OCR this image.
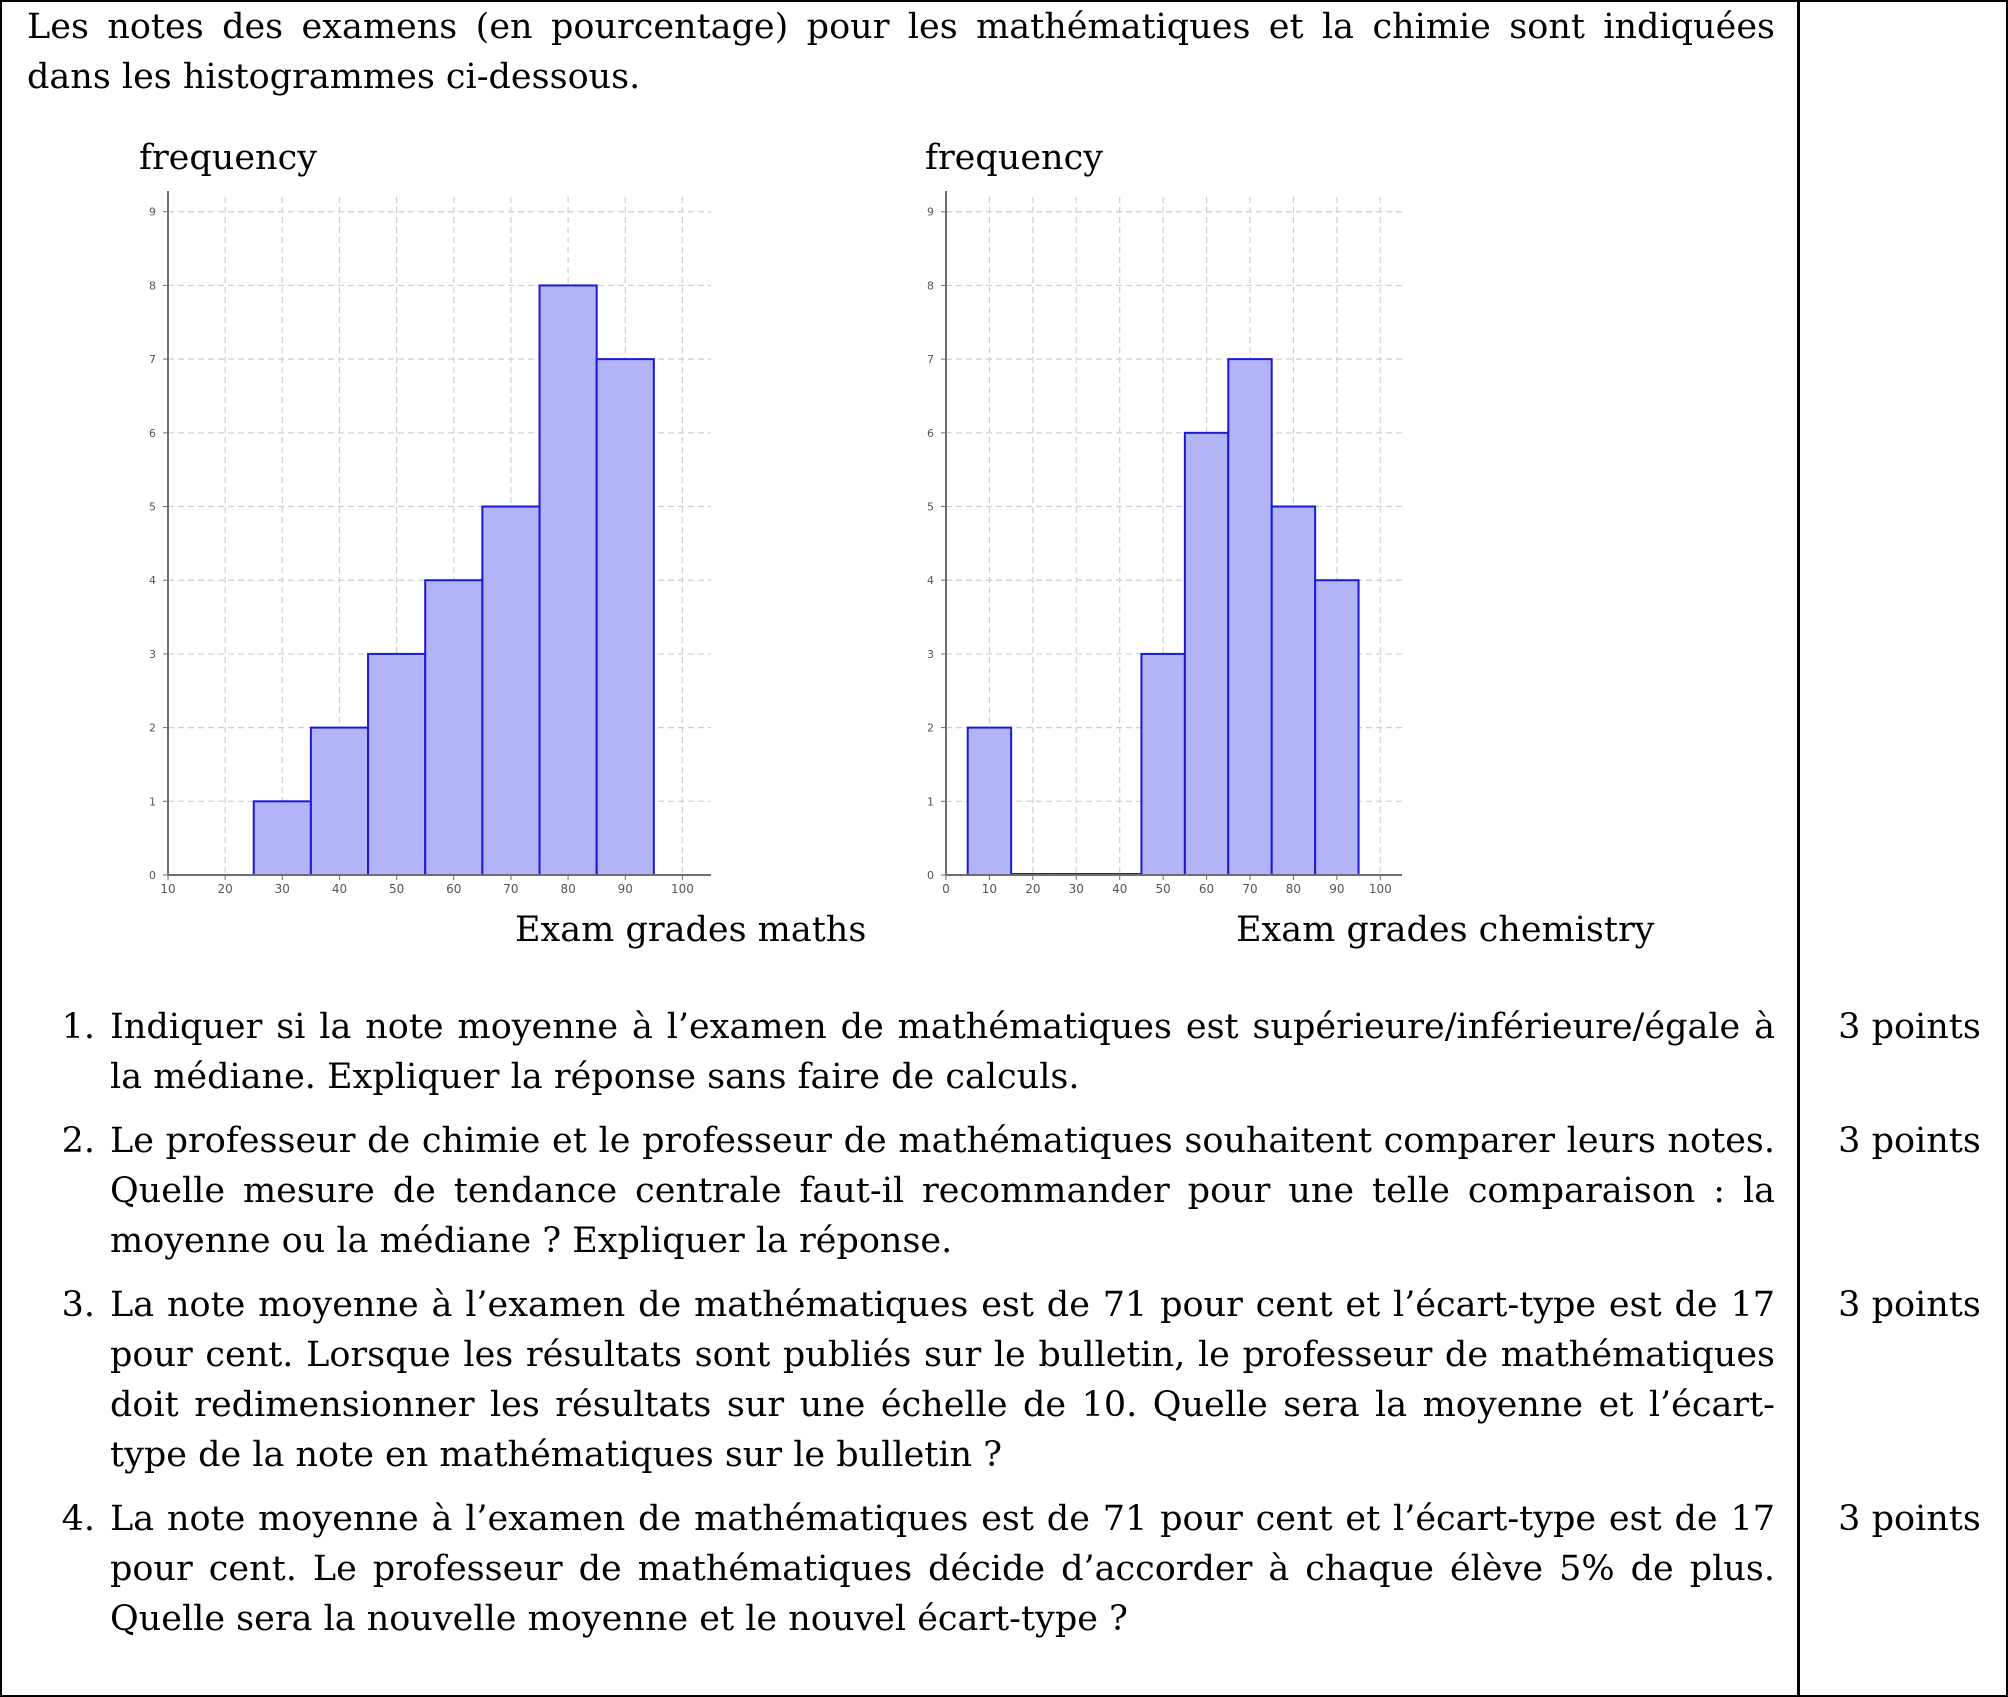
Les notes des examens (en pourcentage) pour les mathématiques et la chimie sont indiquées dans les histogrammes ci-dessous.
frequency
0
1
2
3
4
5
6
7
8
9
10	20	30	40	50	60	70	80	90	100
Exam grades maths
frequency
0
1
2
3
4
5
6
7
8
9
0	10 20 30 40 50 60 70 80 90 100
Exam grades chemistry
1. Indiquer si la note moyenne à l’examen de mathématiques est supérieure/inférieure/égale à la médiane. Expliquer la réponse sans faire de calculs.
3 points
2. Le professeur de chimie et le professeur de mathématiques souhaitent comparer leurs notes. Quelle mesure de tendance centrale faut-il recommander pour une telle comparaison : la moyenne ou la médiane ? Expliquer la réponse.
3 points
3. La note moyenne à l’examen de mathématiques est de 71 pour cent et l’écart-type est de 17 pour cent. Lorsque les résultats sont publiés sur le bulletin, le professeur de mathématiques doit redimensionner les résultats sur une échelle de 10. Quelle sera la moyenne et l’écart-type de la note en mathématiques sur le bulletin ?
3 points
4. La note moyenne à l’examen de mathématiques est de 71 pour cent et l’écart-type est de 17 pour cent. Le professeur de mathématiques décide d’accorder à chaque élève 5% de plus. Quelle sera la nouvelle moyenne et le nouvel écart-type ?
3 points
